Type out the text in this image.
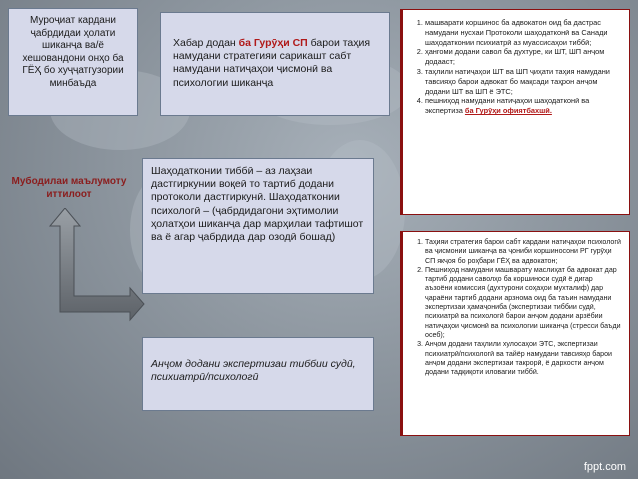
Муроҷиат кардани ҷабрдидаи ҳолати шиканҷа ва/ё хешовандони онҳо ба ГЁҲ бо хуҷҷатгузории минбаъда
Хабар додан ба Гурӯҳи СП барои таҳия намудани стратегияи сарикашт сабт намудани натиҷаҳои ҷисмонӣ ва психологии шиканҷа
1. машварати коршинос ба адвокатон оид ба дастрас намудани нусхаи Протоколи шаҳодатконӣ ва Санади шаҳодатконии психиатрӣ аз муассисаҳои тиббӣ;
2. ҳангоми додани савол ба духтуре, ки ШТ, ШП анҷом додааст;
3. таҳлили натиҷаҳои ШТ ва ШП ҷиҳати таҳия намудани тавсияҳо барои адвокат бо мақсади таҳрон анҷом додани ШТ ва ШП ё ЭТС;
4. пешниҳод намудани натиҷаҳои шаҳодатконӣ ва экспертиза ба Гурӯҳи офиятбахшӣ.
Мубодилаи маълумоту иттилоот
Шаҳодатконии тиббӣ – аз лаҳзаи дастгиркунии воқеӣ то тартиб додани протоколи дастгиркунӣ. Шаҳодатконии психологӣ – (ҷабрдидагони эҳтимолии ҳолатҳои шиканҷа дар марҳилаи тафтишот ва ё агар ҷабрдида дар озодӣ бошад)
Анҷом додани экспертизаи тиббии судӣ, психиатрӣ/психологӣ
1. Таҳияи стратегия барои сабт кардани натиҷаҳои психологӣ ва ҷисмонии шиканҷа ва ҷониби коршиносони РГ гурӯҳи СП якҷоя бо роҳбари ГЁҲ ва адвокатон;
2. Пешниҳод намудани машварату маслиҳат ба адвокат дар тартиб додани саволҳо ба коршиноси судӣ ё дигар аъзоёни комиссия (духтурони соҳаҳои мухталиф) дар ҷараёни тартиб додани арзнома оид ба таъин намудани экспертизаи ҳамаҷониба (экспертизаи тиббии судӣ, психиатрӣ ва психологӣ барои анҷом додани арзёбии натиҷаҳои ҷисмонӣ ва психологии шиканҷа (стресси баъди осеб);
3. Анҷом додани таҳлили хулосаҳои ЭТС, экспертизаи психиатрӣ/психологӣ ва тайёр намудани тавсияҳо барои анҷом додани экспертизаи такрорӣ, ё дархости анҷом додани тадқиқоти иловагии тиббӣ.
fppt.com
